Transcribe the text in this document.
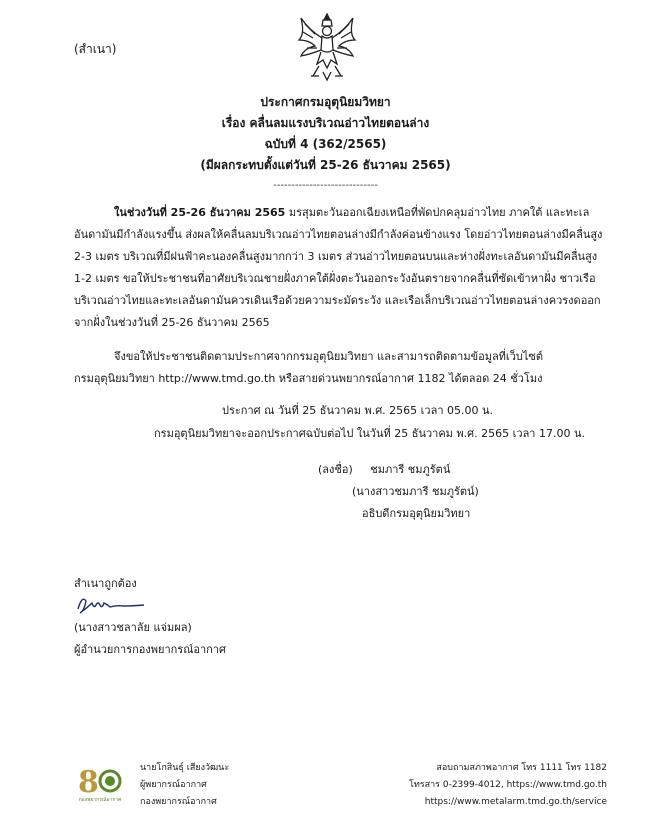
(สำเนา)
ประกาศกรมอุตุนิยมวิทยา
เรื่อง คลื่นลมแรงบริเวณอ่าวไทยตอนล่าง
ฉบับที่ 4 (362/2565)
(มีผลกระทบตั้งแต่วันที่ 25-26 ธันวาคม 2565)
-----------------------------
ในช่วงวันที่ 25-26 ธันวาคม 2565 มรสุมตะวันออกเฉียงเหนือที่พัดปกคลุมอ่าวไทย ภาคใต้ และทะเล
อันดามันมีกำลังแรงขึ้น ส่งผลให้คลื่นลมบริเวณอ่าวไทยตอนล่างมีกำลังค่อนข้างแรง โดยอ่าวไทยตอนล่างมีคลื่นสูง
2-3 เมตร บริเวณที่มีฝนฟ้าคะนองคลื่นสูงมากกว่า 3 เมตร ส่วนอ่าวไทยตอนบนและห่างฝั่งทะเลอันดามันมีคลื่นสูง
1-2 เมตร ขอให้ประชาชนที่อาศัยบริเวณชายฝั่งภาคใต้ฝั่งตะวันออกระวังอันตรายจากคลื่นที่ซัดเข้าหาฝั่ง ชาวเรือ
บริเวณอ่าวไทยและทะเลอันดามันควรเดินเรือด้วยความระมัดระวัง และเรือเล็กบริเวณอ่าวไทยตอนล่างควรงดออก
จากฝั่งในช่วงวันที่ 25-26 ธันวาคม 2565
จึงขอให้ประชาชนติดตามประกาศจากกรมอุตุนิยมวิทยา และสามารถติดตามข้อมูลที่เว็บไซต์
กรมอุตุนิยมวิทยา http://www.tmd.go.th หรือสายด่วนพยากรณ์อากาศ 1182 ได้ตลอด 24 ชั่วโมง
ประกาศ ณ วันที่ 25 ธันวาคม พ.ศ. 2565 เวลา 05.00 น.
กรมอุตุนิยมวิทยาจะออกประกาศฉบับต่อไป ในวันที่ 25 ธันวาคม พ.ศ. 2565 เวลา 17.00 น.
(ลงชื่อ)     ชมภารี ชมภูรัตน์
(นางสาวชมภารี ชมภูรัตน์)
อธิบดีกรมอุตุนิยมวิทยา
สำเนาถูกต้อง
(นางสาวชลาลัย แจ่มผล)
ผู้อำนวยการกองพยากรณ์อากาศ
8
กองพยากรณ์อากาศ
นายโกสินธุ์ เสียงวัฒนะ
ผู้พยากรณ์อากาศ
กองพยากรณ์อากาศ
สอบถามสภาพอากาศ โทร 1111 โทร 1182
โทรสาร 0-2399-4012, https://www.tmd.go.th
https://www.metalarm.tmd.go.th/service
